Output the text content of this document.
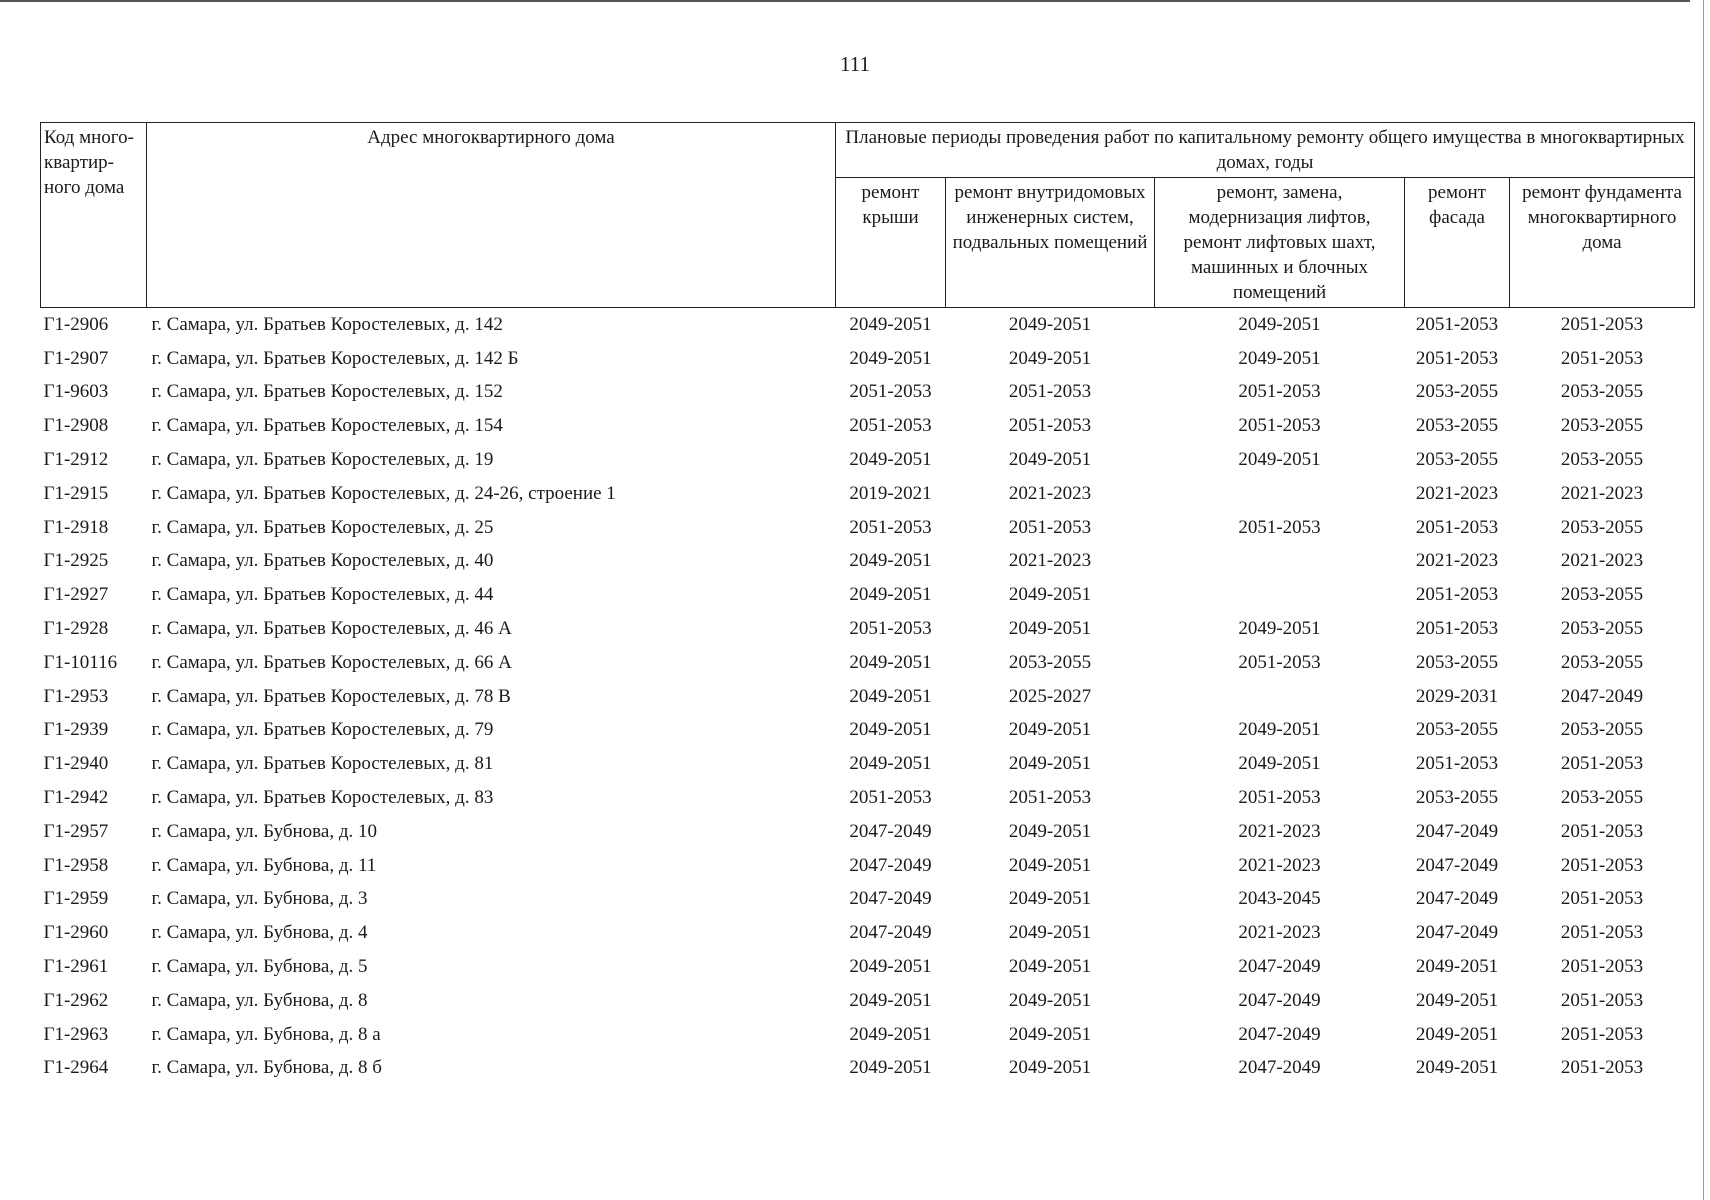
111
Код много-квартир-ного дома	Адрес многоквартирного дома	Плановые периоды проведения работ по капитальному ремонту общего имущества в многоквартирных домах, годы				
		ремонт крыши	ремонт внутридомовых инженерных систем, подвальных помещений	ремонт, замена, модернизация лифтов, ремонт лифтовых шахт, машинных и блочных помещений	ремонт фасада	ремонт фундамента многоквартирного дома
Г1-2906	г. Самара, ул. Братьев Коростелевых, д. 142	2049-2051	2049-2051	2049-2051	2051-2053	2051-2053
Г1-2907	г. Самара, ул. Братьев Коростелевых, д. 142 Б	2049-2051	2049-2051	2049-2051	2051-2053	2051-2053
Г1-9603	г. Самара, ул. Братьев Коростелевых, д. 152	2051-2053	2051-2053	2051-2053	2053-2055	2053-2055
Г1-2908	г. Самара, ул. Братьев Коростелевых, д. 154	2051-2053	2051-2053	2051-2053	2053-2055	2053-2055
Г1-2912	г. Самара, ул. Братьев Коростелевых, д. 19	2049-2051	2049-2051	2049-2051	2053-2055	2053-2055
Г1-2915	г. Самара, ул. Братьев Коростелевых, д. 24-26, строение 1	2019-2021	2021-2023		2021-2023	2021-2023
Г1-2918	г. Самара, ул. Братьев Коростелевых, д. 25	2051-2053	2051-2053	2051-2053	2051-2053	2053-2055
Г1-2925	г. Самара, ул. Братьев Коростелевых, д. 40	2049-2051	2021-2023		2021-2023	2021-2023
Г1-2927	г. Самара, ул. Братьев Коростелевых, д. 44	2049-2051	2049-2051		2051-2053	2053-2055
Г1-2928	г. Самара, ул. Братьев Коростелевых, д. 46 А	2051-2053	2049-2051	2049-2051	2051-2053	2053-2055
Г1-10116	г. Самара, ул. Братьев Коростелевых, д. 66 А	2049-2051	2053-2055	2051-2053	2053-2055	2053-2055
Г1-2953	г. Самара, ул. Братьев Коростелевых, д. 78 В	2049-2051	2025-2027		2029-2031	2047-2049
Г1-2939	г. Самара, ул. Братьев Коростелевых, д. 79	2049-2051	2049-2051	2049-2051	2053-2055	2053-2055
Г1-2940	г. Самара, ул. Братьев Коростелевых, д. 81	2049-2051	2049-2051	2049-2051	2051-2053	2051-2053
Г1-2942	г. Самара, ул. Братьев Коростелевых, д. 83	2051-2053	2051-2053	2051-2053	2053-2055	2053-2055
Г1-2957	г. Самара, ул. Бубнова, д. 10	2047-2049	2049-2051	2021-2023	2047-2049	2051-2053
Г1-2958	г. Самара, ул. Бубнова, д. 11	2047-2049	2049-2051	2021-2023	2047-2049	2051-2053
Г1-2959	г. Самара, ул. Бубнова, д. 3	2047-2049	2049-2051	2043-2045	2047-2049	2051-2053
Г1-2960	г. Самара, ул. Бубнова, д. 4	2047-2049	2049-2051	2021-2023	2047-2049	2051-2053
Г1-2961	г. Самара, ул. Бубнова, д. 5	2049-2051	2049-2051	2047-2049	2049-2051	2051-2053
Г1-2962	г. Самара, ул. Бубнова, д. 8	2049-2051	2049-2051	2047-2049	2049-2051	2051-2053
Г1-2963	г. Самара, ул. Бубнова, д. 8 а	2049-2051	2049-2051	2047-2049	2049-2051	2051-2053
Г1-2964	г. Самара, ул. Бубнова, д. 8 б	2049-2051	2049-2051	2047-2049	2049-2051	2051-2053
